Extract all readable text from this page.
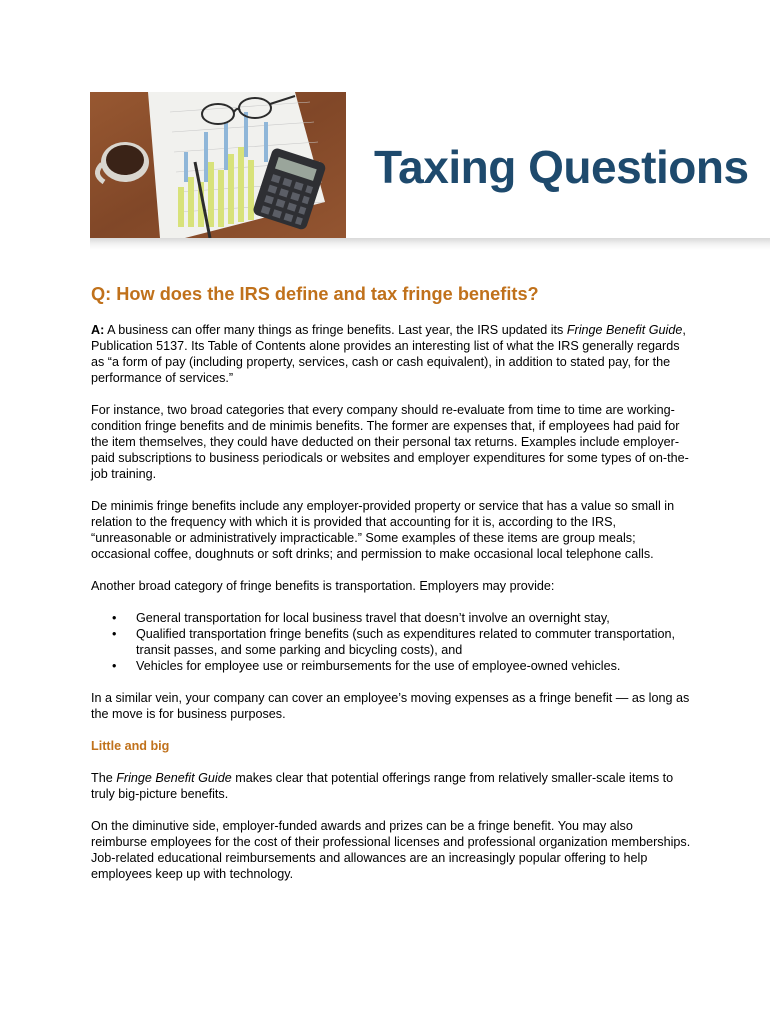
Taxing Questions
Q: How does the IRS define and tax fringe benefits?

A: A business can offer many things as fringe benefits. Last year, the IRS updated its Fringe Benefit Guide, Publication 5137. Its Table of Contents alone provides an interesting list of what the IRS generally regards as “a form of pay (including property, services, cash or cash equivalent), in addition to stated pay, for the performance of services.”

For instance, two broad categories that every company should re-evaluate from time to time are working-condition fringe benefits and de minimis benefits. The former are expenses that, if employees had paid for the item themselves, they could have deducted on their personal tax returns. Examples include employer-paid subscriptions to business periodicals or websites and employer expenditures for some types of on-the-job training.

De minimis fringe benefits include any employer-provided property or service that has a value so small in relation to the frequency with which it is provided that accounting for it is, according to the IRS, “unreasonable or administratively impracticable.” Some examples of these items are group meals; occasional coffee, doughnuts or soft drinks; and permission to make occasional local telephone calls.

Another broad category of fringe benefits is transportation. Employers may provide:

• General transportation for local business travel that doesn’t involve an overnight stay,
• Qualified transportation fringe benefits (such as expenditures related to commuter transportation, transit passes, and some parking and bicycling costs), and
• Vehicles for employee use or reimbursements for the use of employee-owned vehicles.

In a similar vein, your company can cover an employee’s moving expenses as a fringe benefit — as long as the move is for business purposes.

Little and big

The Fringe Benefit Guide makes clear that potential offerings range from relatively smaller-scale items to truly big-picture benefits.

On the diminutive side, employer-funded awards and prizes can be a fringe benefit. You may also reimburse employees for the cost of their professional licenses and professional organization memberships. Job-related educational reimbursements and allowances are an increasingly popular offering to help employees keep up with technology.
